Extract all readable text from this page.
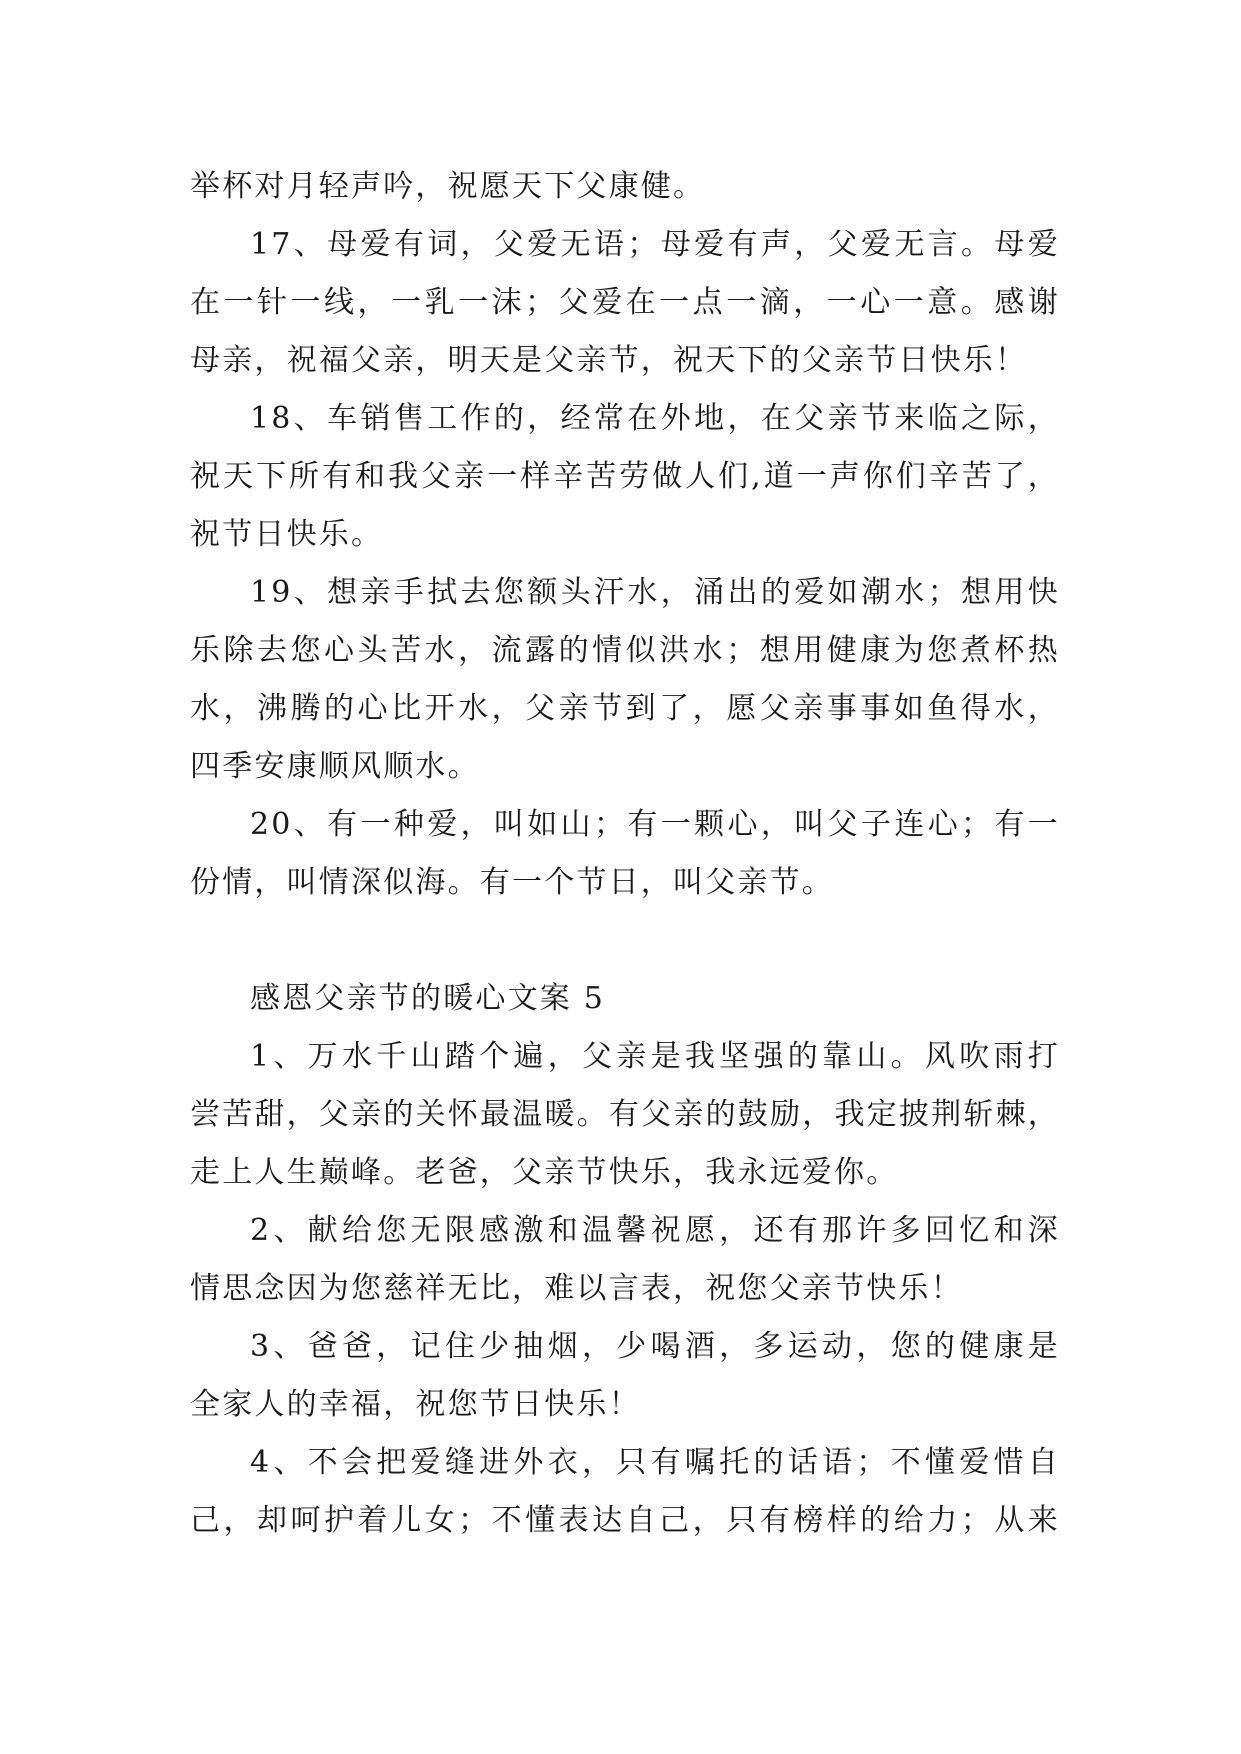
举杯对月轻声吟，祝愿天下父康健。
17、母爱有词，父爱无语；母爱有声，父爱无言。母爱
在一针一线，一乳一沫；父爱在一点一滴，一心一意。感谢
母亲，祝福父亲，明天是父亲节，祝天下的父亲节日快乐！
18、车销售工作的，经常在外地，在父亲节来临之际，
祝天下所有和我父亲一样辛苦劳做人们,道一声你们辛苦了，
祝节日快乐。
19、想亲手拭去您额头汗水，涌出的爱如潮水；想用快
乐除去您心头苦水，流露的情似洪水；想用健康为您煮杯热
水，沸腾的心比开水，父亲节到了，愿父亲事事如鱼得水，
四季安康顺风顺水。
20、有一种爱，叫如山；有一颗心，叫父子连心；有一
份情，叫情深似海。有一个节日，叫父亲节。
感恩父亲节的暖心文案 5
1、万水千山踏个遍，父亲是我坚强的靠山。风吹雨打
尝苦甜，父亲的关怀最温暖。有父亲的鼓励，我定披荆斩棘，
走上人生巅峰。老爸，父亲节快乐，我永远爱你。
2、献给您无限感激和温馨祝愿，还有那许多回忆和深
情思念因为您慈祥无比，难以言表，祝您父亲节快乐！
3、爸爸，记住少抽烟，少喝酒，多运动，您的健康是
全家人的幸福，祝您节日快乐！
4、不会把爱缝进外衣，只有嘱托的话语；不懂爱惜自
己，却呵护着儿女；不懂表达自己，只有榜样的给力；从来
